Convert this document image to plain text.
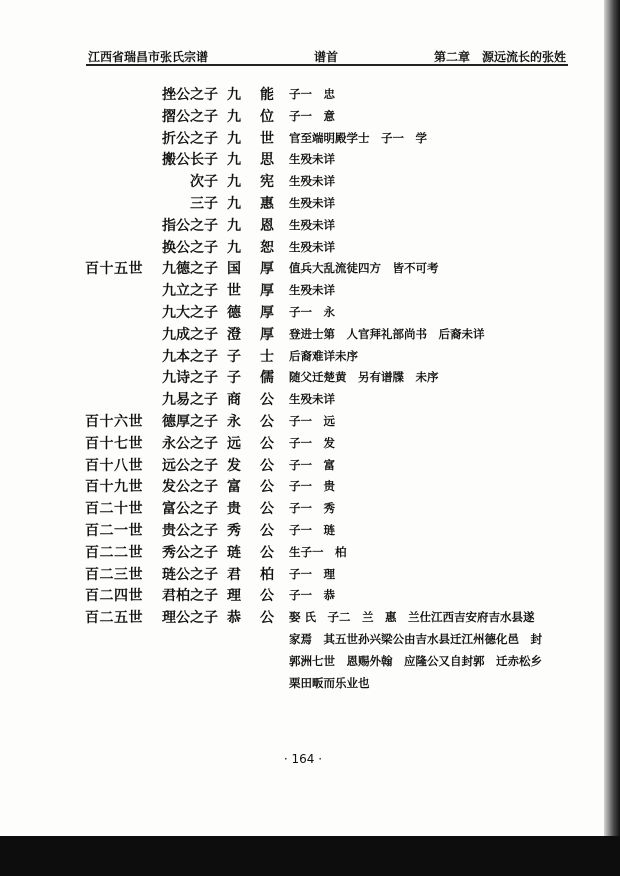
江西省瑞昌市张氏宗谱	谱首	第二章　源远流长的张姓
挫公之子 九 能 子一　忠
摺公之子 九 位 子一　意
折公之子 九 世 官至端明殿学士　子一　学
搬公长子 九 思 生殁未详
次子 九 宪 生殁未详
三子 九 惠 生殁未详
指公之子 九 恩 生殁未详
换公之子 九 恕 生殁未详
百十五世 九德之子 国 厚 值兵大乱流徒四方　皆不可考
九立之子 世 厚 生殁未详
九大之子 德 厚 子一　永
九成之子 澄 厚 登进士第　人官拜礼部尚书　后裔未详
九本之子 子 士 后裔难详未序
九诗之子 子 儒 随父迁楚黄　另有谱牒　未序
九易之子 商 公 生殁未详
百十六世 德厚之子 永 公 子一　远
百十七世 永公之子 远 公 子一　发
百十八世 远公之子 发 公 子一　富
百十九世 发公之子 富 公 子一　贵
百二十世 富公之子 贵 公 子一　秀
百二一世 贵公之子 秀 公 子一　琏
百二二世 秀公之子 琏 公 生子一　柏
百二三世 琏公之子 君 柏 子一　理
百二四世 君柏之子 理 公 子一　恭
百二五世 理公之子 恭 公 娶 氏　子二　兰　惠　兰仕江西吉安府吉水县遂
家焉　其五世孙兴梁公由吉水县迁江州德化邑　封
郭洲七世　恩赐外翰　应隆公又自封郭　迁赤松乡
栗田畈而乐业也
· 164 ·
